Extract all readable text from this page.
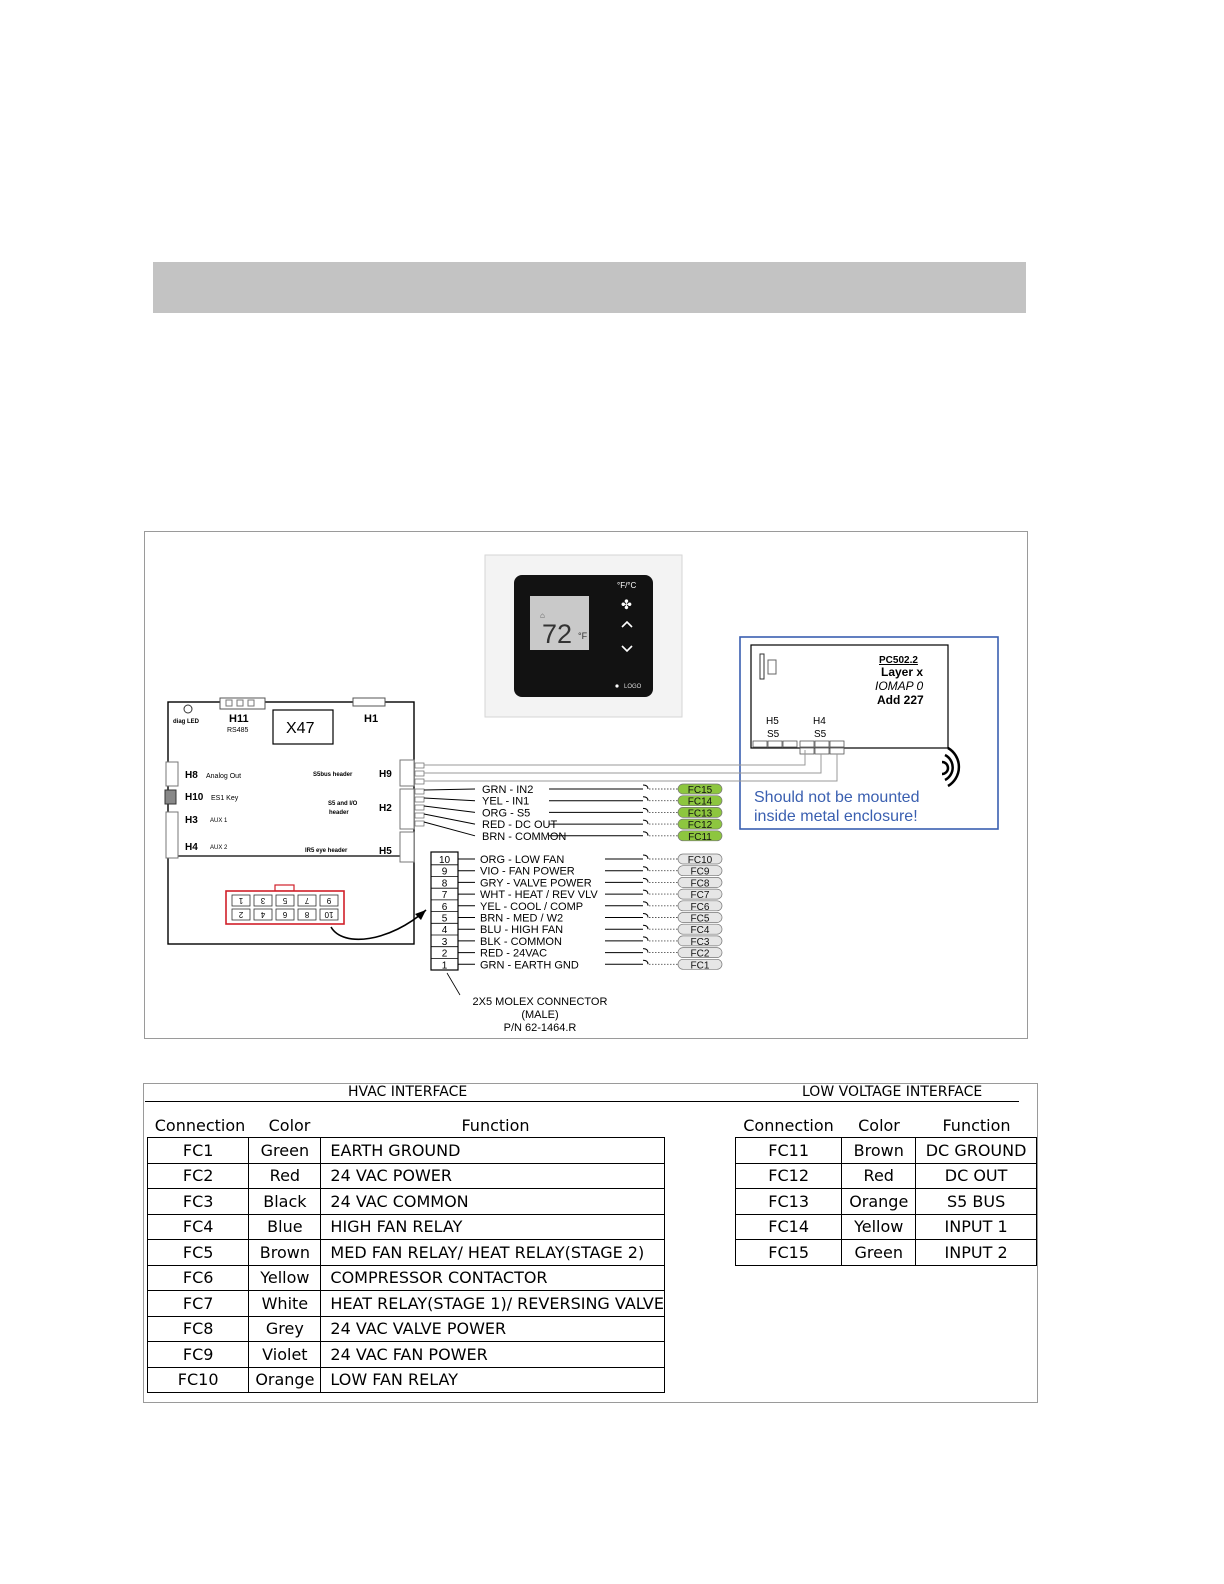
⌂
72 °F
°F/°C
✤
LOGO
diag LED	H11
RS485 X47
H1
H8 Analog Out
H10 ES1 Key
H3 AUX 1
H4 AUX 2
S5bus header	H9
S5 and I/O
header	H2
IR5 eye header	H5
1
2
3
4
5
6
7
8
9
10
PC502.2
Layer x
IOMAP 0
Add 227
H5
S5
H4
S5
Should not be mounted
inside metal enclosure!
GRN - IN2	FC15
YEL - IN1	FC14
ORG - S5	FC13
RED - DC OUT	FC12
BRN - COMMON	FC11
ORG - LOW FAN	FC10
VIO - FAN POWER	FC9
GRY - VALVE POWER	FC8
WHT - HEAT / REV VLV	FC7
YEL - COOL / COMP	FC6
BRN - MED / W2	FC5
BLU - HIGH FAN	FC4
BLK - COMMON	FC3
RED - 24VAC	FC2
GRN - EARTH GND	FC1
10
9
8
7
6
5
4
3
2
1
2X5 MOLEX CONNECTOR
(MALE)
P/N 62-1464.R
HVAC INTERFACE	LOW VOLTAGE INTERFACE
Connection	Color	Function	Connection	Color	Function
FC1	Green	EARTH GROUND
FC2	Red	24 VAC POWER
FC3	Black	24 VAC COMMON
FC4	Blue	HIGH FAN RELAY
FC5	Brown	MED FAN RELAY/ HEAT RELAY(STAGE 2)
FC6	Yellow	COMPRESSOR CONTACTOR
FC7	White	HEAT RELAY(STAGE 1)/ REVERSING VALVE
FC8	Grey	24 VAC VALVE POWER
FC9	Violet	24 VAC FAN POWER
FC10	Orange	LOW FAN RELAY
FC11	Brown	DC GROUND
FC12	Red	DC OUT
FC13	Orange	S5 BUS
FC14	Yellow	INPUT 1
FC15	Green	INPUT 2
